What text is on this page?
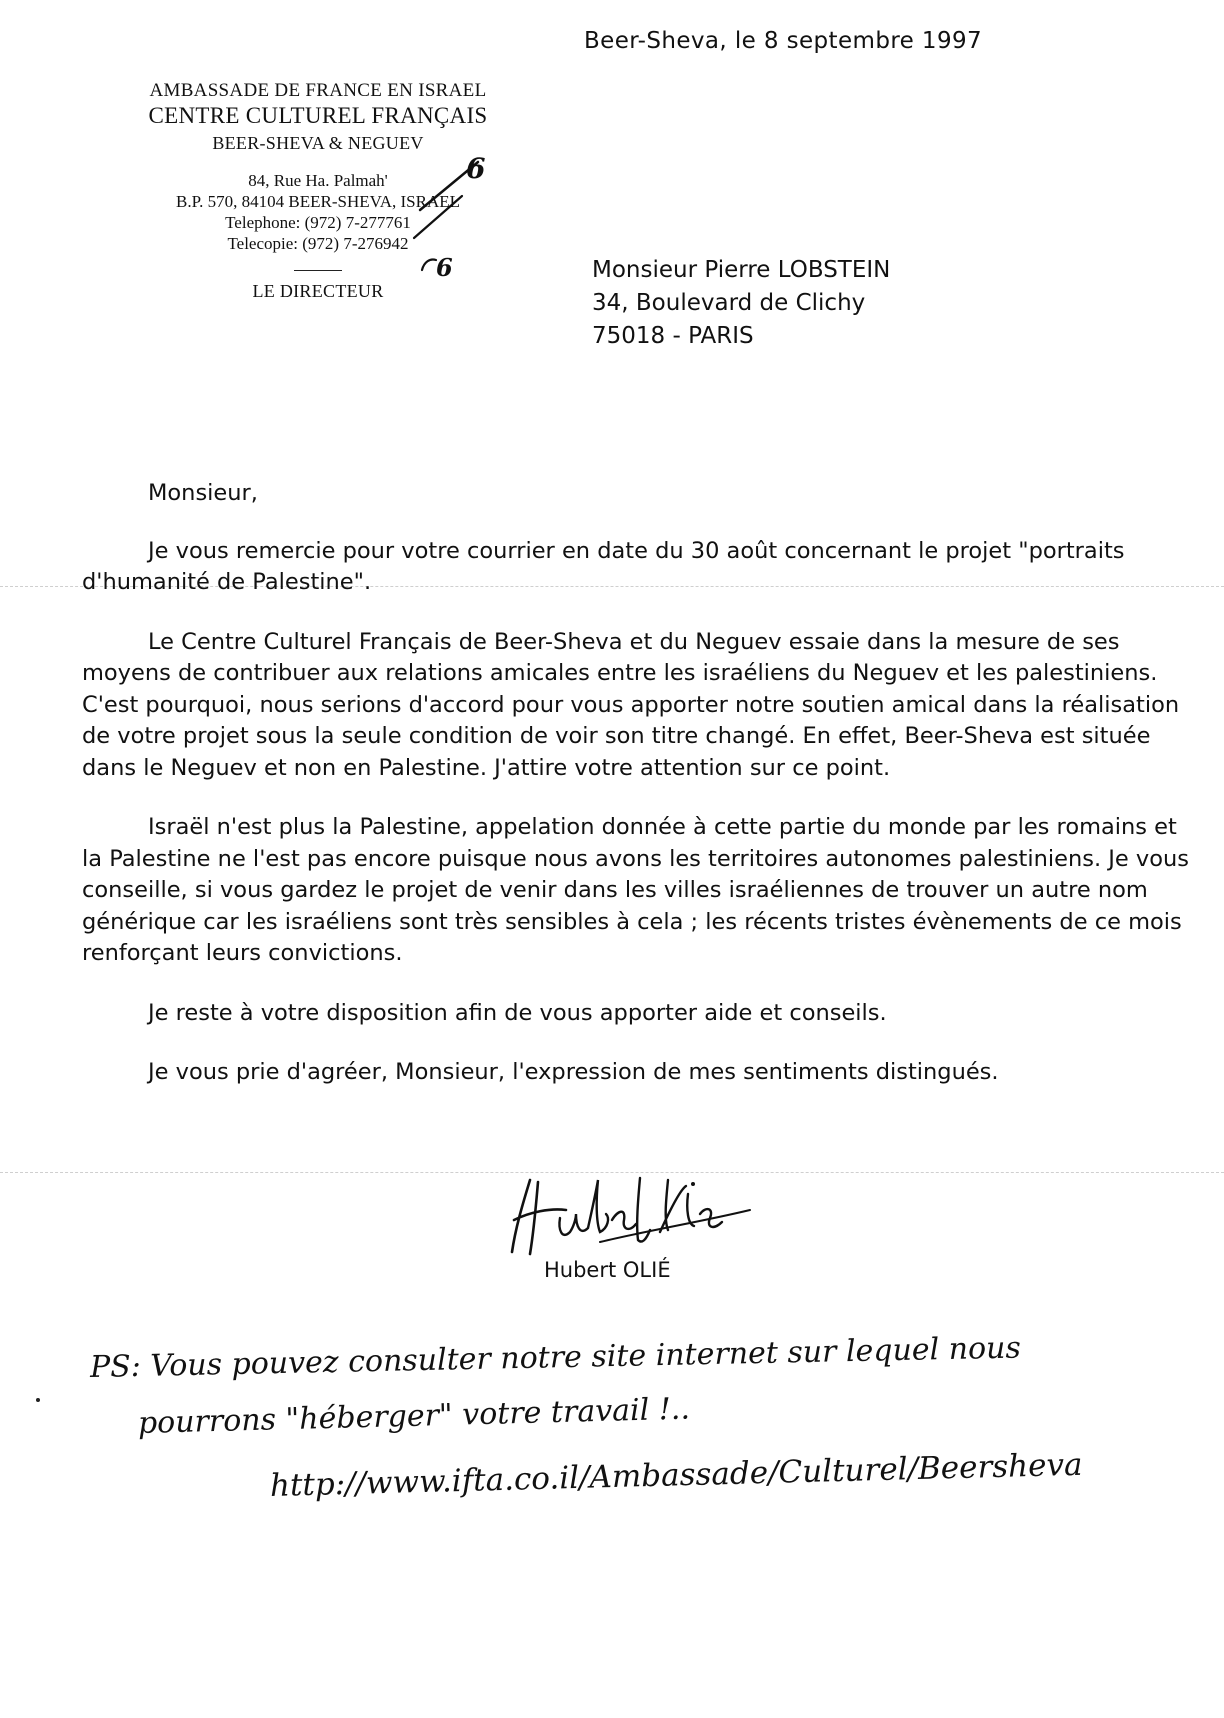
Beer-Sheva, le 8 septembre 1997
AMBASSADE DE FRANCE EN ISRAEL
CENTRE CULTUREL FRANÇAIS
BEER-SHEVA & NEGUEV
84, Rue Ha. Palmah'
B.P. 570, 84104 BEER-SHEVA, ISRAEL
Telephone: (972) 7-277761
Telecopie: (972) 7-276942
LE DIRECTEUR
6
6	Monsieur Pierre LOBSTEIN
34, Boulevard de Clichy
75018 - PARIS

Monsieur,

Je vous remercie pour votre courrier en date du 30 août concernant le projet "portraits d'humanité de Palestine".

Le Centre Culturel Français de Beer-Sheva et du Neguev essaie dans la mesure de ses moyens de contribuer aux relations amicales entre les israéliens du Neguev et les palestiniens. C'est pourquoi, nous serions d'accord pour vous apporter notre soutien amical dans la réalisation de votre projet sous la seule condition de voir son titre changé. En effet, Beer-Sheva est située dans le Neguev et non en Palestine. J'attire votre attention sur ce point.

Israël n'est plus la Palestine, appelation donnée à cette partie du monde par les romains et la Palestine ne l'est pas encore puisque nous avons les territoires autonomes palestiniens. Je vous conseille, si vous gardez le projet de venir dans les villes israéliennes de trouver un autre nom générique car les israéliens sont très sensibles à cela ; les récents tristes évènements de ce mois renforçant leurs convictions.

Je reste à votre disposition afin de vous apporter aide et conseils.

Je vous prie d'agréer, Monsieur, l'expression de mes sentiments distingués.

Hubert OLIÉ
PS: Vous pouvez consulter notre site internet sur lequel nous
pourrons "héberger" votre travail !..
http://www.ifta.co.il/Ambassade/Culturel/Beersheva
